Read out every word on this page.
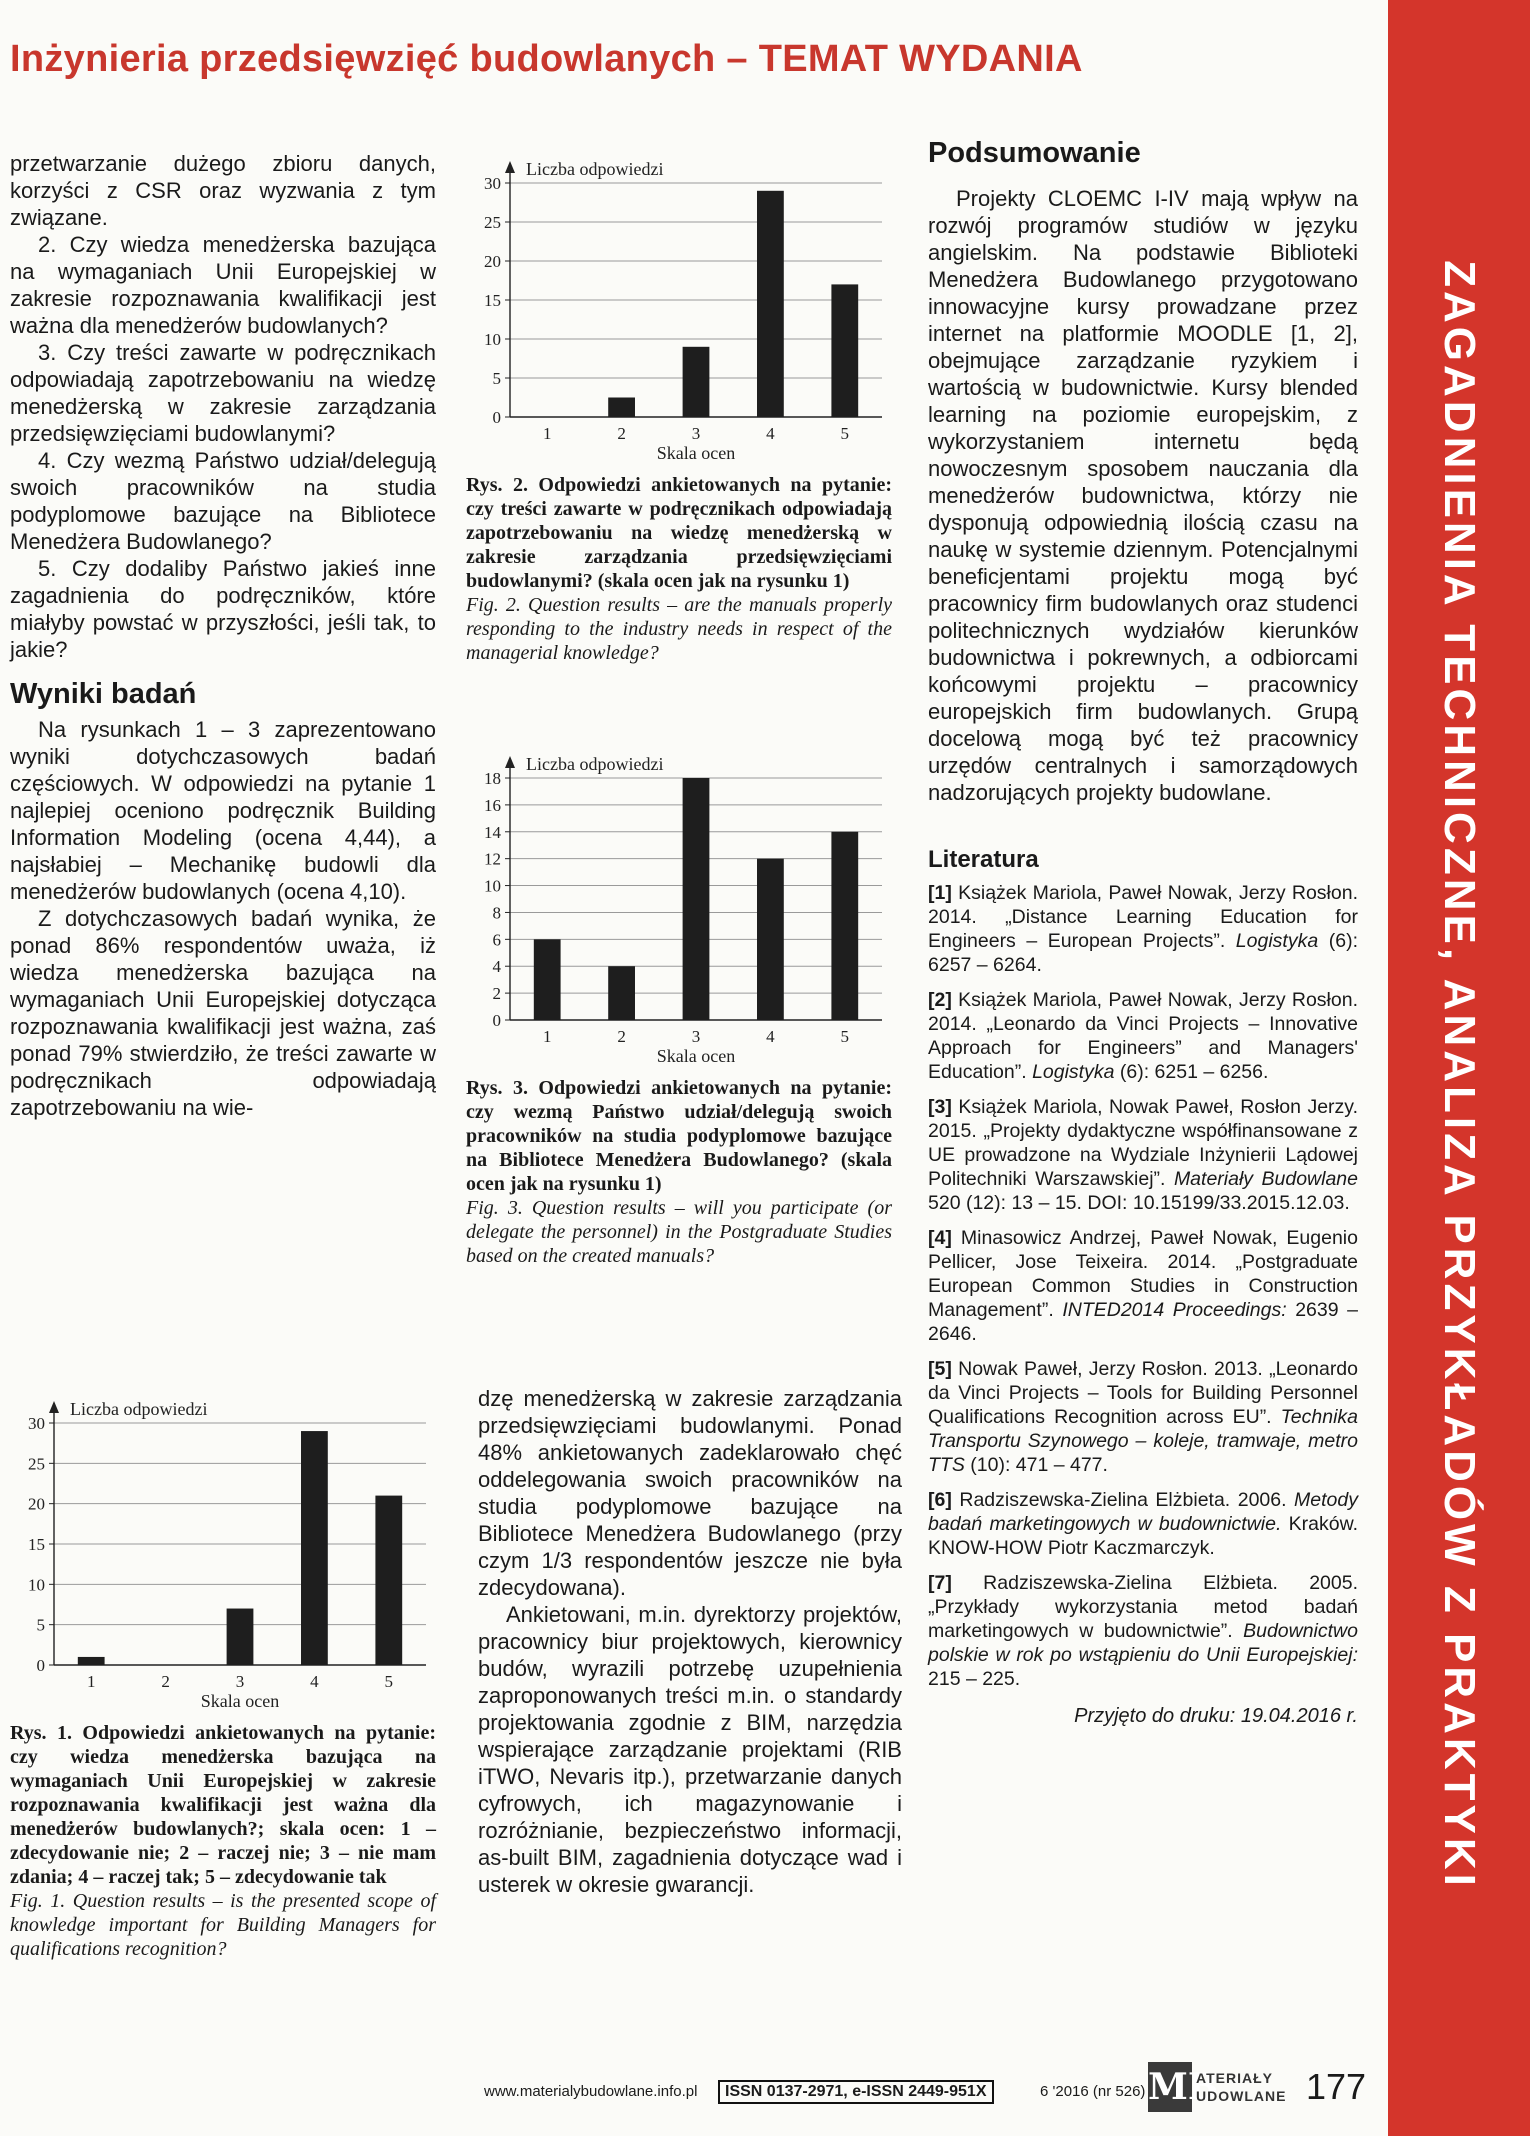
Inżynieria przedsięwzięć budowlanych – TEMAT WYDANIA
ZAGADNIENIA TECHNICZNE, ANALIZA PRZYKŁADÓW Z PRAKTYKI

przetwarzanie dużego zbioru danych, korzyści z CSR oraz wyzwania z tym związane.

2. Czy wiedza menedżerska bazująca na wymaganiach Unii Europejskiej w zakresie rozpoznawania kwalifikacji jest ważna dla menedżerów budowlanych?

3. Czy treści zawarte w podręcznikach odpowiadają zapotrzebowaniu na wiedzę menedżerską w zakresie zarządzania przedsięwzięciami budowlanymi?

4. Czy wezmą Państwo udział/delegują swoich pracowników na studia podyplomowe bazujące na Bibliotece Menedżera Budowlanego?

5. Czy dodaliby Państwo jakieś inne zagadnienia do podręczników, które miałyby powstać w przyszłości, jeśli tak, to jakie?

Wyniki badań

Na rysunkach 1 – 3 zaprezentowano wyniki dotychczasowych badań częściowych. W odpowiedzi na pytanie 1 najlepiej oceniono podręcznik Building Information Modeling (ocena 4,44), a najsłabiej – Mechanikę budowli dla menedżerów budowlanych (ocena 4,10).

Z dotychczasowych badań wynika, że ponad 86% respondentów uważa, iż wiedza menedżerska bazująca na wymaganiach Unii Europejskiej dotycząca rozpoznawania kwalifikacji jest ważna, zaś ponad 79% stwierdziło, że treści zawarte w podręcznikach odpowiadają zapotrzebowaniu na wie-

0
5
10
15
20
25
30
Liczba odpowiedzi
1	2	3	4	5
Skala ocen

Rys. 1. Odpowiedzi ankietowanych na pytanie: czy wiedza menedżerska bazująca na wymaganiach Unii Europejskiej w zakresie rozpoznawania kwalifikacji jest ważna dla menedżerów budowlanych?; skala ocen: 1 – zdecydowanie nie; 2 – raczej nie; 3 – nie mam zdania; 4 – raczej tak; 5 – zdecydowanie tak

Fig. 1. Question results – is the presented scope of knowledge important for Building Managers for qualifications recognition?

0
5
10
15
20
25
30
Liczba odpowiedzi
1	2	3	4	5
Skala ocen

Rys. 2. Odpowiedzi ankietowanych na pytanie: czy treści zawarte w podręcznikach odpowiadają zapotrzebowaniu na wiedzę menedżerską w zakresie zarządzania przedsięwzięciami budowlanymi? (skala ocen jak na rysunku 1)

Fig. 2. Question results – are the manuals properly responding to the industry needs in respect of the managerial knowledge?

0
2
4
6
8
10
12
14
16
18
Liczba odpowiedzi
1	2	3	4	5
Skala ocen

Rys. 3. Odpowiedzi ankietowanych na pytanie: czy wezmą Państwo udział/delegują swoich pracowników na studia podyplomowe bazujące na Bibliotece Menedżera Budowlanego? (skala ocen jak na rysunku 1)

Fig. 3. Question results – will you participate (or delegate the personnel) in the Postgraduate Studies based on the created manuals?

dzę menedżerską w zakresie zarządzania przedsięwzięciami budowlanymi. Ponad 48% ankietowanych zadeklarowało chęć oddelegowania swoich pracowników na studia podyplomowe bazujące na Bibliotece Menedżera Budowlanego (przy czym 1/3 respondentów jeszcze nie była zdecydowana).

Ankietowani, m.in. dyrektorzy projektów, pracownicy biur projektowych, kierownicy budów, wyrazili potrzebę uzupełnienia zaproponowanych treści m.in. o standardy projektowania zgodnie z BIM, narzędzia wspierające zarządzanie projektami (RIB iTWO, Nevaris itp.), przetwarzanie danych cyfrowych, ich magazynowanie i rozróżnianie, bezpieczeństwo informacji, as-built BIM, zagadnienia dotyczące wad i usterek w okresie gwarancji.

Podsumowanie

Projekty CLOEMC I-IV mają wpływ na rozwój programów studiów w języku angielskim. Na podstawie Biblioteki Menedżera Budowlanego przygotowano innowacyjne kursy prowadzane przez internet na platformie MOODLE [1, 2], obejmujące zarządzanie ryzykiem i wartością w budownictwie. Kursy blended learning na poziomie europejskim, z wykorzystaniem internetu będą nowoczesnym sposobem nauczania dla menedżerów budownictwa, którzy nie dysponują odpowiednią ilością czasu na naukę w systemie dziennym. Potencjalnymi beneficjentami projektu mogą być pracownicy firm budowlanych oraz studenci politechnicznych wydziałów kierunków budownictwa i pokrewnych, a odbiorcami końcowymi projektu – pracownicy europejskich firm budowlanych. Grupą docelową mogą być też pracownicy urzędów centralnych i samorządowych nadzorujących projekty budowlane.

Literatura

[1] Książek Mariola, Paweł Nowak, Jerzy Rosłon. 2014. „Distance Learning Education for Engineers – European Projects”. Logistyka (6): 6257 – 6264.

[2] Książek Mariola, Paweł Nowak, Jerzy Rosłon. 2014. „Leonardo da Vinci Projects – Innovative Approach for Engineers” and Managers' Education”. Logistyka (6): 6251 – 6256.

[3] Książek Mariola, Nowak Paweł, Rosłon Jerzy. 2015. „Projekty dydaktyczne współfinansowane z UE prowadzone na Wydziale Inżynierii Lądowej Politechniki Warszawskiej”. Materiały Budowlane 520 (12): 13 – 15. DOI: 10.15199/33.2015.12.03.

[4] Minasowicz Andrzej, Paweł Nowak, Eugenio Pellicer, Jose Teixeira. 2014. „Postgraduate European Common Studies in Construction Management”. INTED2014 Proceedings: 2639 – 2646.

[5] Nowak Paweł, Jerzy Rosłon. 2013. „Leonardo da Vinci Projects – Tools for Building Personnel Qualifications Recognition across EU”. Technika Transportu Szynowego – koleje, tramwaje, metro TTS (10): 471 – 477.

[6] Radziszewska-Zielina Elżbieta. 2006. Metody badań marketingowych w budownictwie. Kraków. KNOW-HOW Piotr Kaczmarczyk.

[7] Radziszewska-Zielina Elżbieta. 2005. „Przykłady wykorzystania metod badań marketingowych w budownictwie”. Budownictwo polskie w rok po wstąpieniu do Unii Europejskiej: 215 – 225.

Przyjęto do druku: 19.04.2016 r.
www.materialybudowlane.info.pl	ISSN 0137-2971, e-ISSN 2449-951X	6 '2016 (nr 526) MB
ATERIAŁY
UDOWLANE 177
